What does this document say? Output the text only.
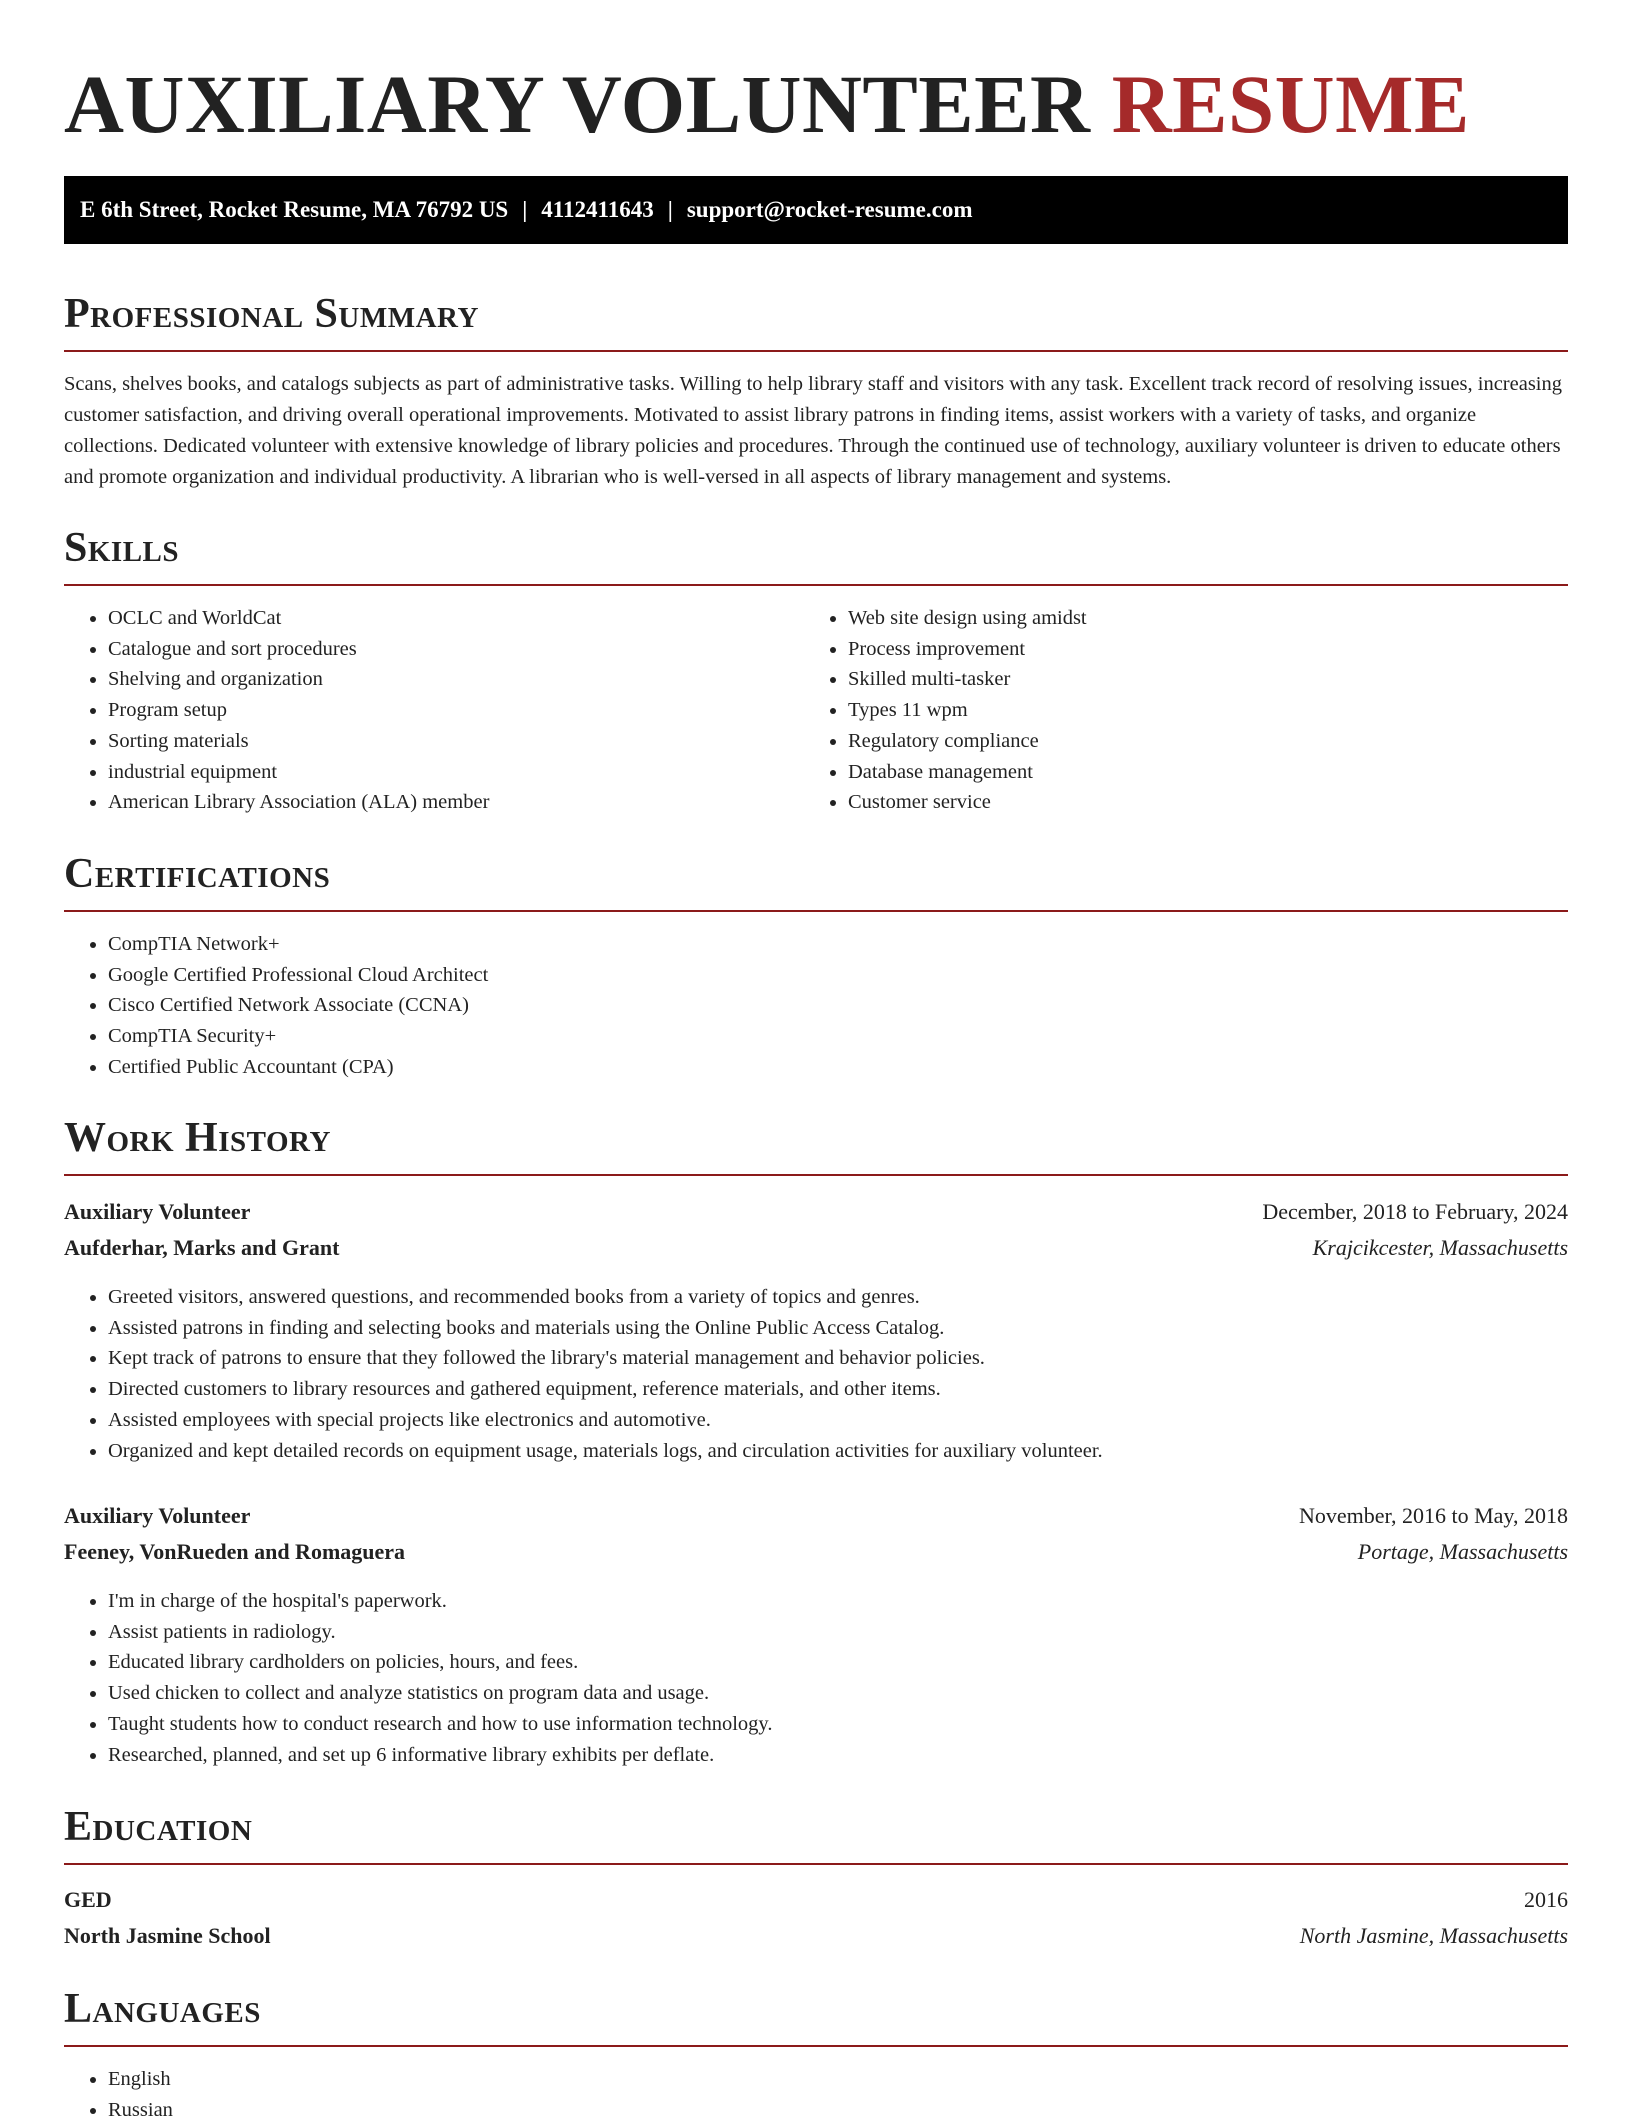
AUXILIARY VOLUNTEER RESUME
E 6th Street, Rocket Resume, MA 76792 US | 4112411643 | support@rocket-resume.com
Professional Summary

Scans, shelves books, and catalogs subjects as part of administrative tasks. Willing to help library staff and visitors with any task. Excellent track record of resolving issues, increasing customer satisfaction, and driving overall operational improvements. Motivated to assist library patrons in finding items, assist workers with a variety of tasks, and organize collections. Dedicated volunteer with extensive knowledge of library policies and procedures. Through the continued use of technology, auxiliary volunteer is driven to educate others and promote organization and individual productivity. A librarian who is well-versed in all aspects of library management and systems.

Skills
• OCLC and WorldCat
• Catalogue and sort procedures
• Shelving and organization
• Program setup
• Sorting materials
• industrial equipment
• American Library Association (ALA) member
• Web site design using amidst
• Process improvement
• Skilled multi-tasker
• Types 11 wpm
• Regulatory compliance
• Database management
• Customer service
Certifications
• CompTIA Network+
• Google Certified Professional Cloud Architect
• Cisco Certified Network Associate (CCNA)
• CompTIA Security+
• Certified Public Accountant (CPA)
Work History
Auxiliary Volunteer	December, 2018 to February, 2024
Aufderhar, Marks and Grant	Krajcikcester, Massachusetts
• Greeted visitors, answered questions, and recommended books from a variety of topics and genres.
• Assisted patrons in finding and selecting books and materials using the Online Public Access Catalog.
• Kept track of patrons to ensure that they followed the library's material management and behavior policies.
• Directed customers to library resources and gathered equipment, reference materials, and other items.
• Assisted employees with special projects like electronics and automotive.
• Organized and kept detailed records on equipment usage, materials logs, and circulation activities for auxiliary volunteer.
Auxiliary Volunteer	November, 2016 to May, 2018
Feeney, VonRueden and Romaguera	Portage, Massachusetts
• I'm in charge of the hospital's paperwork.
• Assist patients in radiology.
• Educated library cardholders on policies, hours, and fees.
• Used chicken to collect and analyze statistics on program data and usage.
• Taught students how to conduct research and how to use information technology.
• Researched, planned, and set up 6 informative library exhibits per deflate.
Education
GED	2016
North Jasmine School	North Jasmine, Massachusetts
Languages
• English
• Russian
